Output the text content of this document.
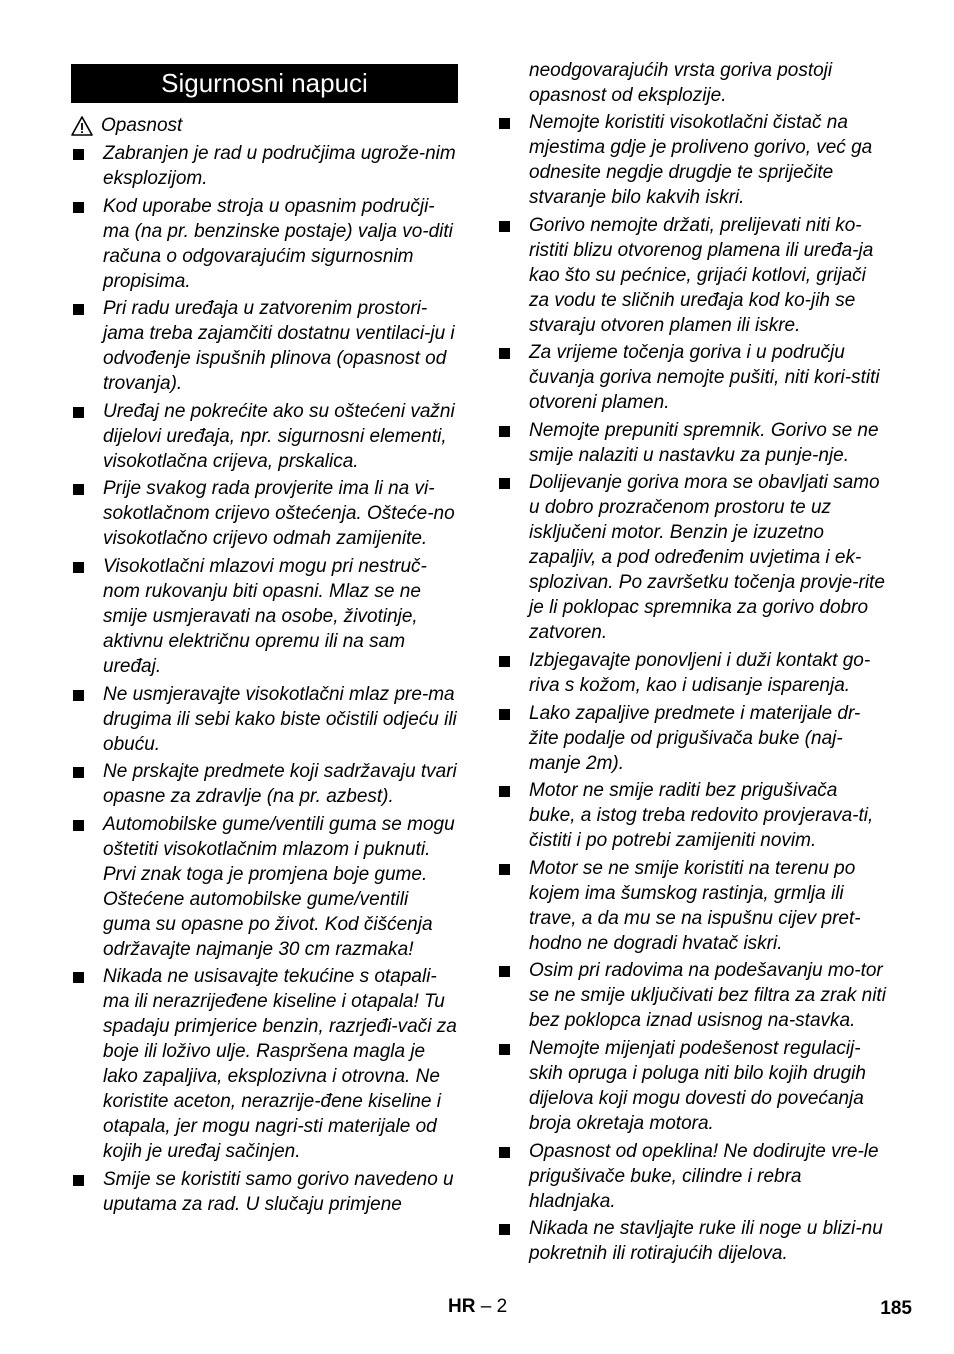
Sigurnosni napuci
Opasnost
Zabranjen je rad u područjima ugrože-nim eksplozijom.
Kod uporabe stroja u opasnim područji-ma (na pr. benzinske postaje) valja vo-diti računa o odgovarajućim sigurnosnim propisima.
Pri radu uređaja u zatvorenim prostori-jama treba zajamčiti dostatnu ventilaci-ju i odvođenje ispušnih plinova (opasnost od trovanja).
Uređaj ne pokrećite ako su oštećeni važni dijelovi uređaja, npr. sigurnosni elementi, visokotlačna crijeva, prskalica.
Prije svakog rada provjerite ima li na vi-sokotlačnom crijevo oštećenja. Ošteće-no visokotlačno crijevo odmah zamijenite.
Visokotlačni mlazovi mogu pri nestruč-nom rukovanju biti opasni. Mlaz se ne smije usmjeravati na osobe, životinje, aktivnu električnu opremu ili na sam uređaj.
Ne usmjeravajte visokotlačni mlaz pre-ma drugima ili sebi kako biste očistili odjeću ili obuću.
Ne prskajte predmete koji sadržavaju tvari opasne za zdravlje (na pr. azbest).
Automobilske gume/ventili guma se mogu oštetiti visokotlačnim mlazom i puknuti. Prvi znak toga je promjena boje gume. Oštećene automobilske gume/ventili guma su opasne po život. Kod čišćenja održavajte najmanje 30 cm razmaka!
Nikada ne usisavajte tekućine s otapali-ma ili nerazrijeđene kiseline i otapala! Tu spadaju primjerice benzin, razrjeđi-vači za boje ili loživo ulje. Raspršena magla je lako zapaljiva, eksplozivna i otrovna. Ne koristite aceton, nerazrije-đene kiseline i otapala, jer mogu nagri-sti materijale od kojih je uređaj sačinjen.
Smije se koristiti samo gorivo navedeno u uputama za rad. U slučaju primjene
neodgovarajućih vrsta goriva postoji opasnost od eksplozije.
Nemojte koristiti visokotlačni čistač na mjestima gdje je proliveno gorivo, već ga odnesite negdje drugdje te spriječite stvaranje bilo kakvih iskri.
Gorivo nemojte držati, prelijevati niti ko-ristiti blizu otvorenog plamena ili uređa-ja kao što su pećnice, grijaći kotlovi, grijači za vodu te sličnih uređaja kod ko-jih se stvaraju otvoren plamen ili iskre.
Za vrijeme točenja goriva i u području čuvanja goriva nemojte pušiti, niti kori-stiti otvoreni plamen.
Nemojte prepuniti spremnik. Gorivo se ne smije nalaziti u nastavku za punje-nje.
Dolijevanje goriva mora se obavljati samo u dobro prozračenom prostoru te uz isključeni motor. Benzin je izuzetno zapaljiv, a pod određenim uvjetima i ek-splozivan. Po završetku točenja provje-rite je li poklopac spremnika za gorivo dobro zatvoren.
Izbjegavajte ponovljeni i duži kontakt go-riva s kožom, kao i udisanje isparenja.
Lako zapaljive predmete i materijale dr-žite podalje od prigušivača buke (naj-manje 2m).
Motor ne smije raditi bez prigušivača buke, a istog treba redovito provjerava-ti, čistiti i po potrebi zamijeniti novim.
Motor se ne smije koristiti na terenu po kojem ima šumskog rastinja, grmlja ili trave, a da mu se na ispušnu cijev pret-hodno ne dogradi hvatač iskri.
Osim pri radovima na podešavanju mo-tor se ne smije uključivati bez filtra za zrak niti bez poklopca iznad usisnog na-stavka.
Nemojte mijenjati podešenost regulacij-skih opruga i poluga niti bilo kojih drugih dijelova koji mogu dovesti do povećanja broja okretaja motora.
Opasnost od opeklina! Ne dodirujte vre-le prigušivače buke, cilindre i rebra hladnjaka.
Nikada ne stavljajte ruke ili noge u blizi-nu pokretnih ili rotirajućih dijelova.
HR – 2	185
